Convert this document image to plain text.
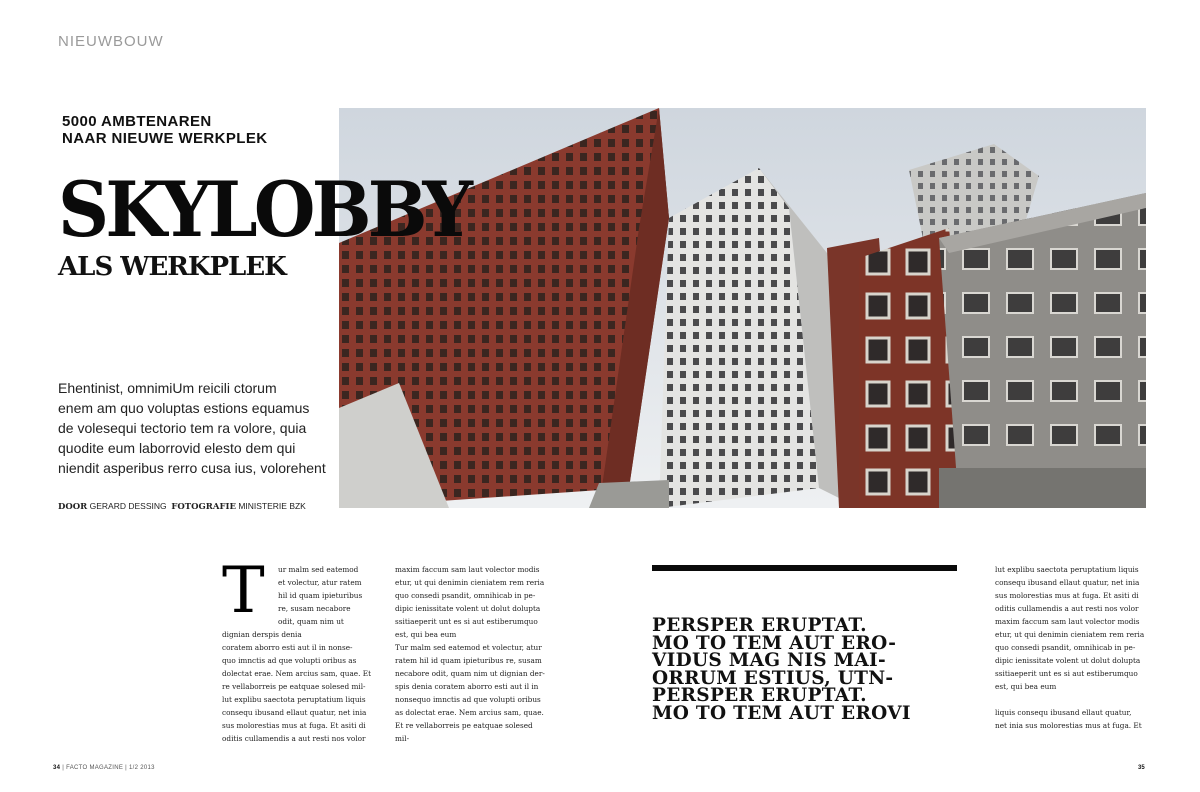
NIEUWBOUW
5000 AMBTENAREN
NAAR NIEUWE WERKPLEK
SKYLOBBY
ALS WERKPLEK
Ehentinist, omnimiUm reicili ctorum
enem am quo voluptas estions equamus
de volesequi tectorio tem ra volore, quia
quodite eum laborrovid elesto dem qui
niendit asperibus rerro cusa ius, volorehent
DOOR GERARD DESSING FOTOGRAFIE MINISTERIE BZK
T	ur malm sed eatemod

et volectur, atur ratem

hil id quam ipieturibus

re, susam necabore

odit, quam nim ut dignian derspis denia

coratem aborro esti aut il in nonse-

quo imnctis ad que volupti oribus as

dolectat erae. Nem arcius sam, quae. Et

re vellaborreis pe eatquae solesed mil-

lut explibu saectota peruptatium liquis

consequ ibusand ellaut quatur, net inia

sus molorestias mus at fuga. Et asiti di

oditis cullamendis a aut resti nos volor

maxim faccum sam laut volector modis

etur, ut qui denimin cieniatem rem reria

quo consedi psandit, omnihicab in pe-

dipic ienissitate volent ut dolut dolupta

ssitiaeperit unt es si aut estiberumquo

est, qui bea eum

Tur malm sed eatemod et volectur, atur

ratem hil id quam ipieturibus re, susam

necabore odit, quam nim ut dignian der-

spis denia coratem aborro esti aut il in

nonsequo imnctis ad que volupti oribus

as dolectat erae. Nem arcius sam, quae.

Et re vellaborreis pe eatquae solesed mil-

PERSPER ERUPTAT.
MO TO TEM AUT ERO-
VIDUS MAG NIS MAI-
ORRUM ESTIUS, UTN-
PERSPER ERUPTAT.
MO TO TEM AUT EROVI

lut explibu saectota peruptatium liquis

consequ ibusand ellaut quatur, net inia

sus molorestias mus at fuga. Et asiti di

oditis cullamendis a aut resti nos volor

maxim faccum sam laut volector modis

etur, ut qui denimin cieniatem rem reria

quo consedi psandit, omnihicab in pe-

dipic ienissitate volent ut dolut dolupta

ssitiaeperit unt es si aut estiberumquo

est, qui bea eum

liquis consequ ibusand ellaut quatur,

net inia sus molorestias mus at fuga. Et

34 | FACTO MAGAZINE | 1/2 2013	35
